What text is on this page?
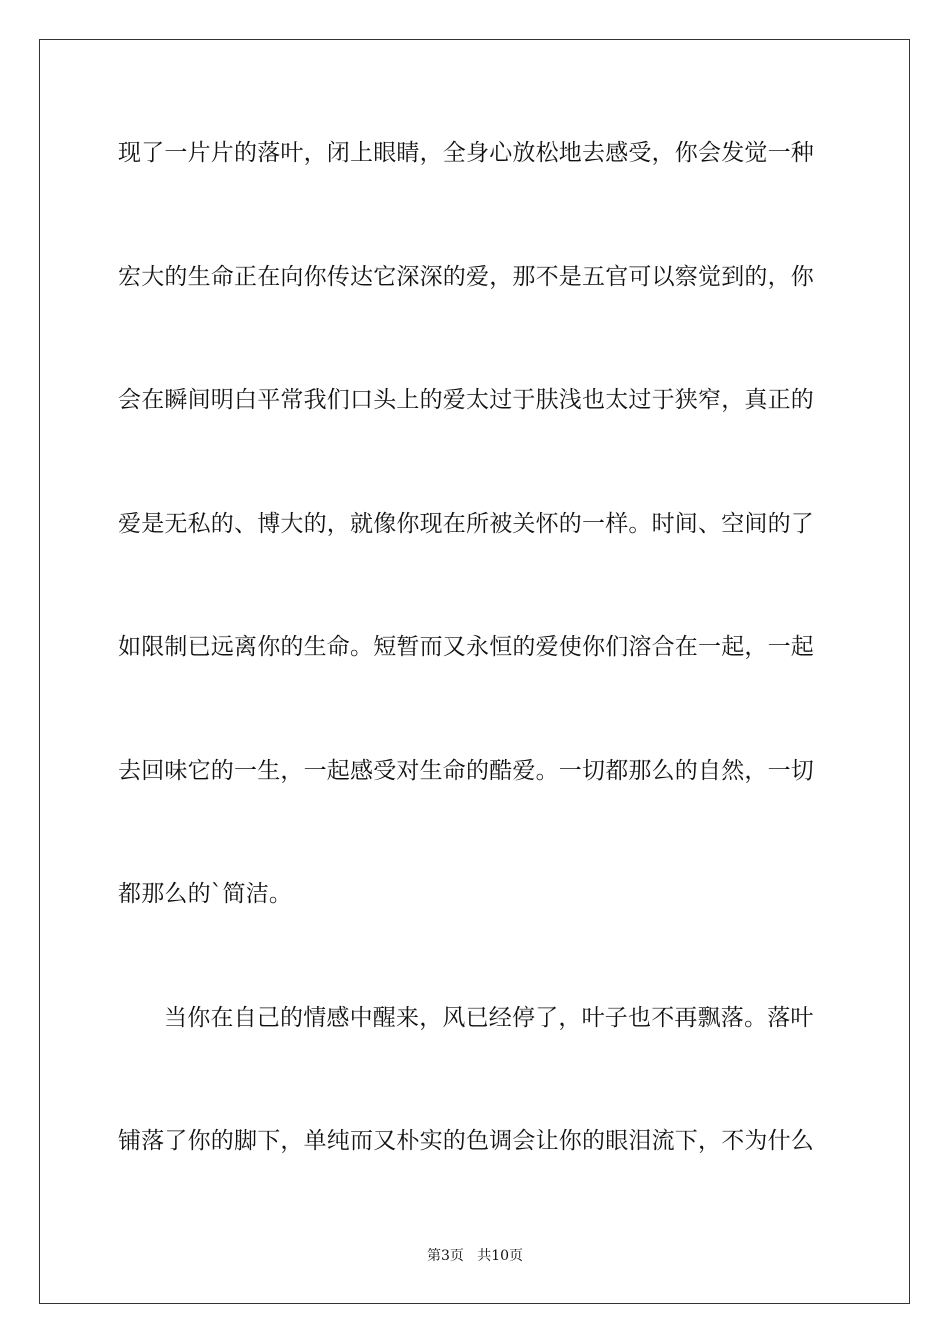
现了一片片的落叶，闭上眼睛，全身心放松地去感受，你会发觉一种
宏大的生命正在向你传达它深深的爱，那不是五官可以察觉到的，你
会在瞬间明白平常我们口头上的爱太过于肤浅也太过于狭窄，真正的
爱是无私的、博大的，就像你现在所被关怀的一样。时间、空间的了
如限制已远离你的生命。短暂而又永恒的爱使你们溶合在一起，一起
去回味它的一生，一起感受对生命的酷爱。一切都那么的自然，一切
都那么的`简洁。
当你在自己的情感中醒来，风已经停了，叶子也不再飘落。落叶
铺落了你的脚下，单纯而又朴实的色调会让你的眼泪流下，不为什么
第3页   共10页
